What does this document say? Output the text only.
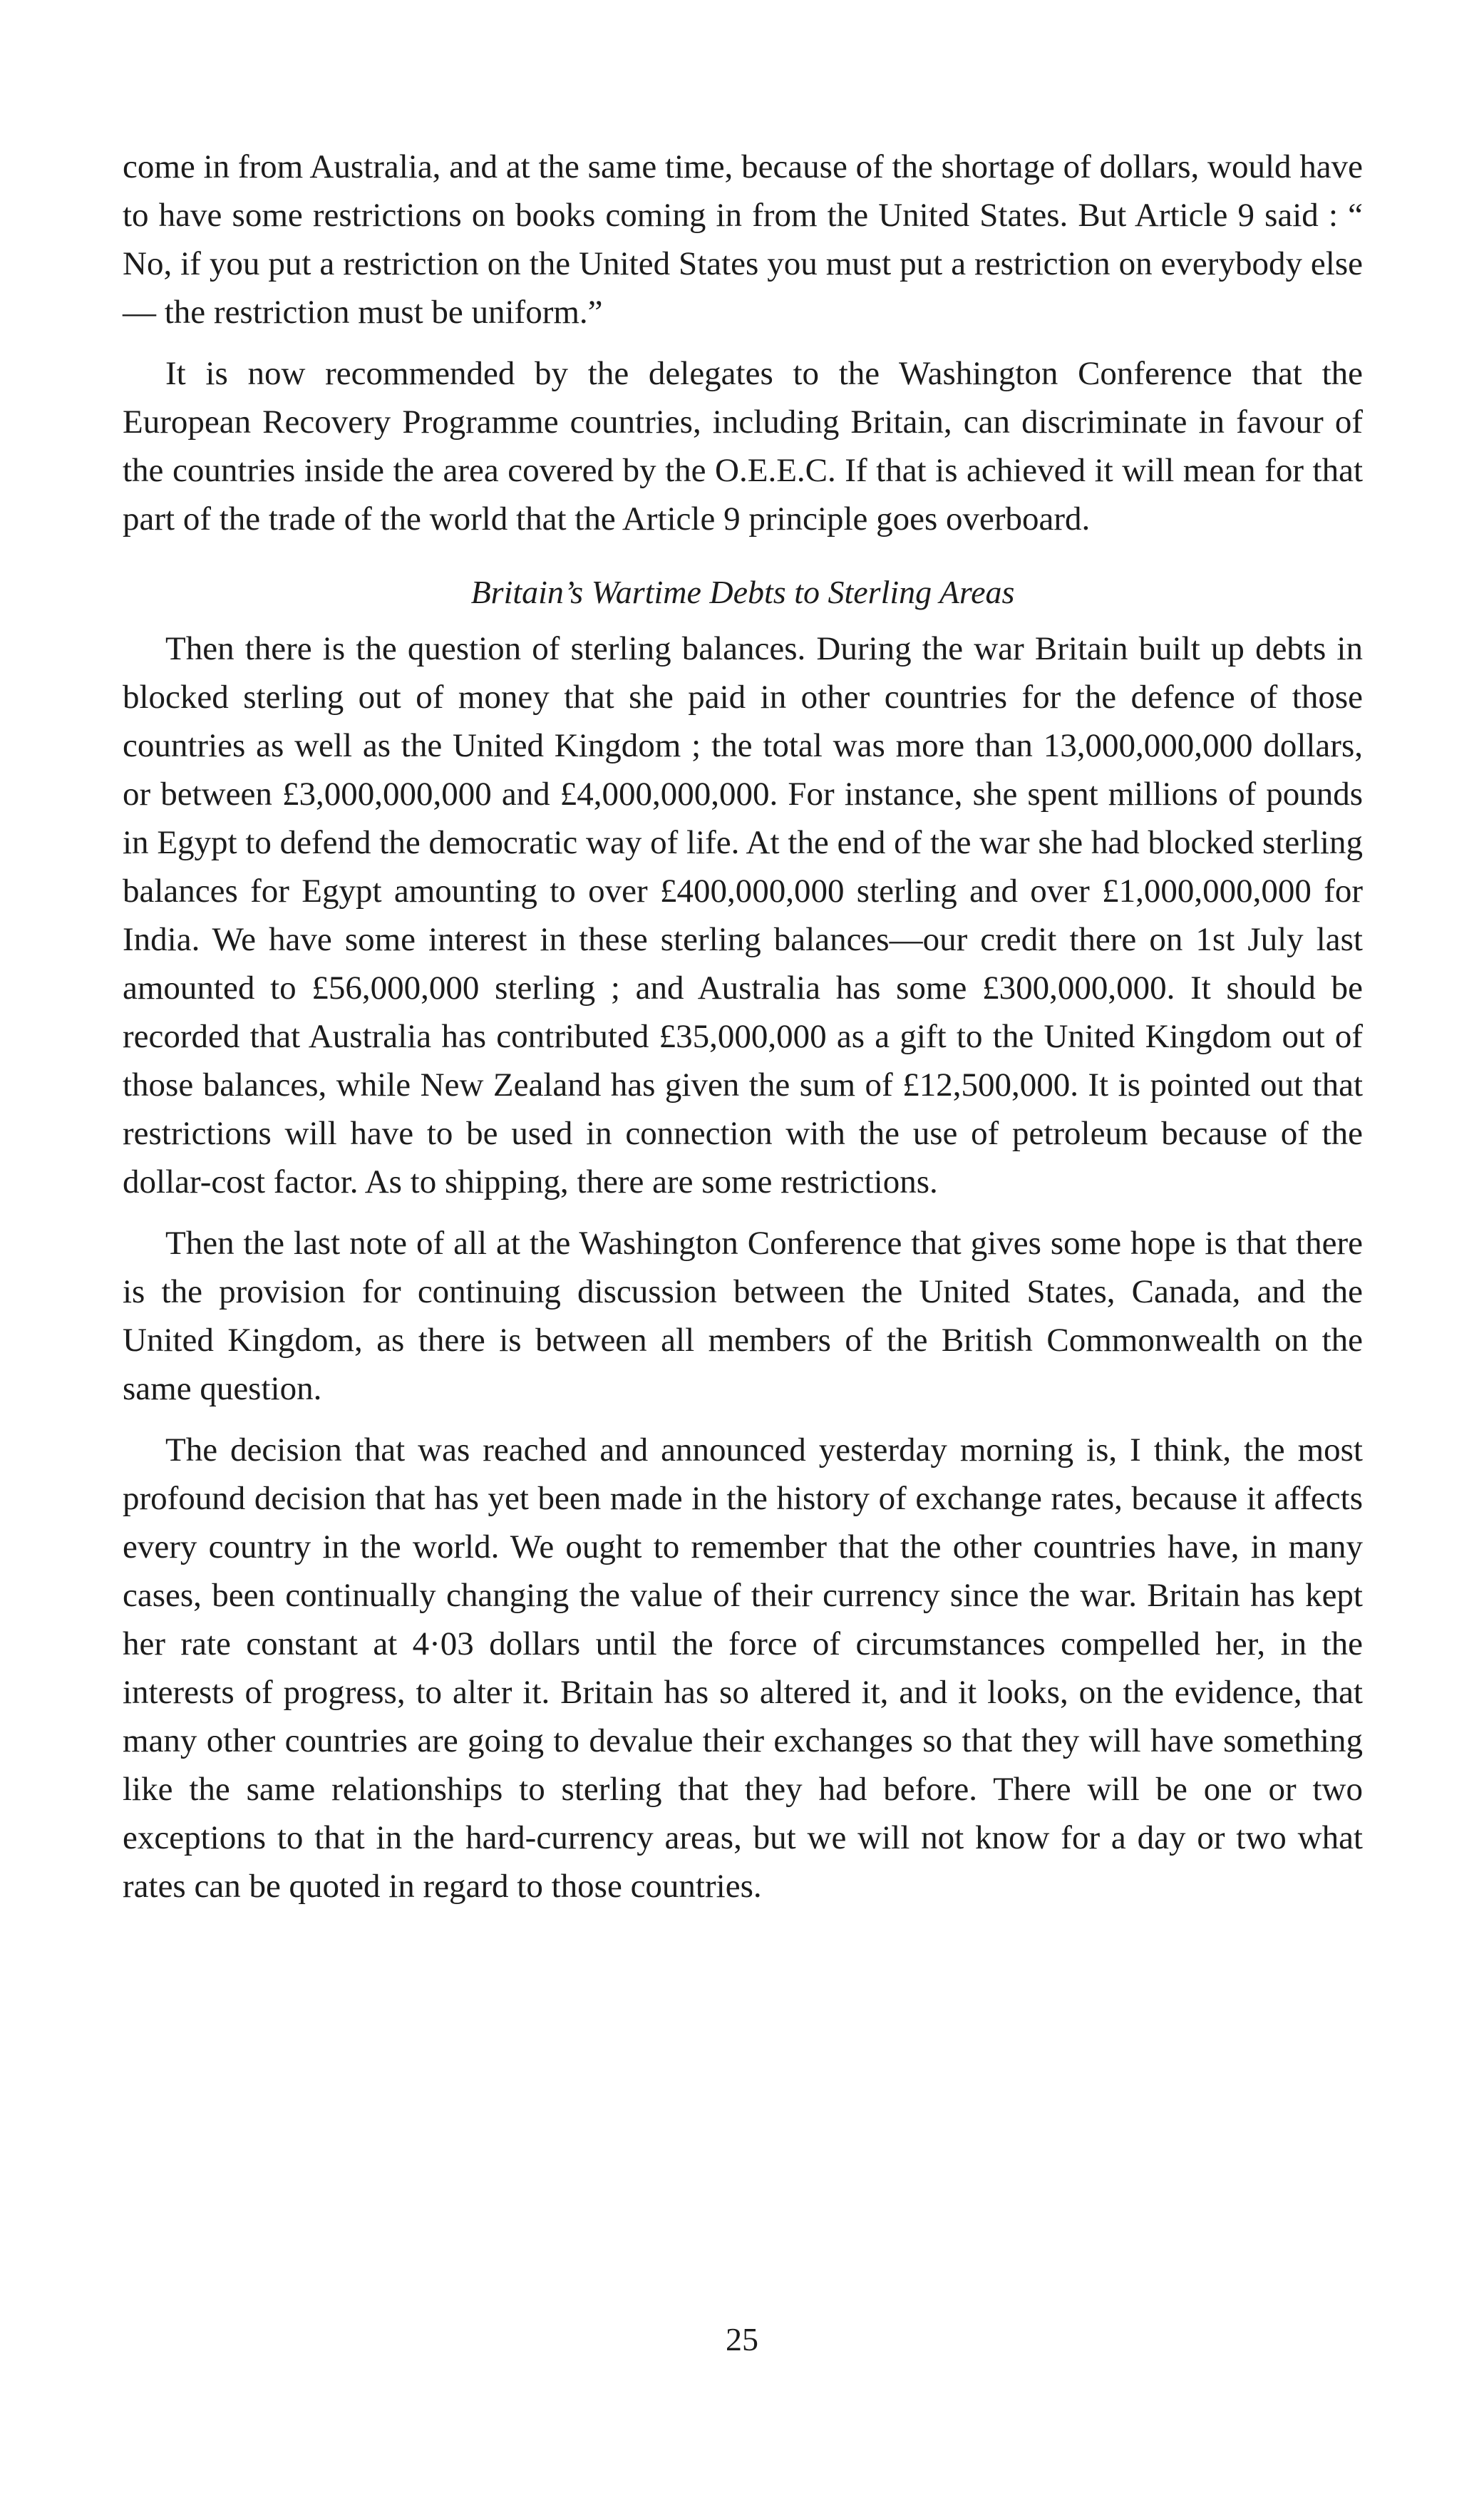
come in from Australia, and at the same time, because of the shortage of dollars, would have to have some restrictions on books coming in from the United States. But Article 9 said : “ No, if you put a restriction on the United States you must put a restriction on everybody else— the restriction must be uniform.”

It is now recommended by the delegates to the Washington Conference that the European Recovery Programme countries, including Britain, can discriminate in favour of the countries inside the area covered by the O.E.E.C. If that is achieved it will mean for that part of the trade of the world that the Article 9 principle goes overboard.

Britain’s Wartime Debts to Sterling Areas

Then there is the question of sterling balances. During the war Britain built up debts in blocked sterling out of money that she paid in other countries for the defence of those countries as well as the United Kingdom ; the total was more than 13,000,000,000 dollars, or between £3,000,000,000 and £4,000,000,000. For instance, she spent millions of pounds in Egypt to defend the democratic way of life. At the end of the war she had blocked sterling balances for Egypt amounting to over £400,000,000 sterling and over £1,000,000,000 for India. We have some interest in these sterling balances—our credit there on 1st July last amounted to £56,000,000 sterling ; and Australia has some £300,000,000. It should be recorded that Australia has contributed £35,000,000 as a gift to the United Kingdom out of those balances, while New Zealand has given the sum of £12,500,000. It is pointed out that restrictions will have to be used in connection with the use of petroleum because of the dollar-cost factor. As to shipping, there are some restrictions.

Then the last note of all at the Washington Conference that gives some hope is that there is the provision for continuing discussion between the United States, Canada, and the United Kingdom, as there is between all members of the British Commonwealth on the same question.

The decision that was reached and announced yesterday morning is, I think, the most profound decision that has yet been made in the history of exchange rates, because it affects every country in the world. We ought to remember that the other countries have, in many cases, been continually changing the value of their currency since the war. Britain has kept her rate constant at 4·03 dollars until the force of circumstances compelled her, in the interests of progress, to alter it. Britain has so altered it, and it looks, on the evidence, that many other countries are going to devalue their exchanges so that they will have something like the same relationships to sterling that they had before. There will be one or two exceptions to that in the hard-currency areas, but we will not know for a day or two what rates can be quoted in regard to those countries.

25
